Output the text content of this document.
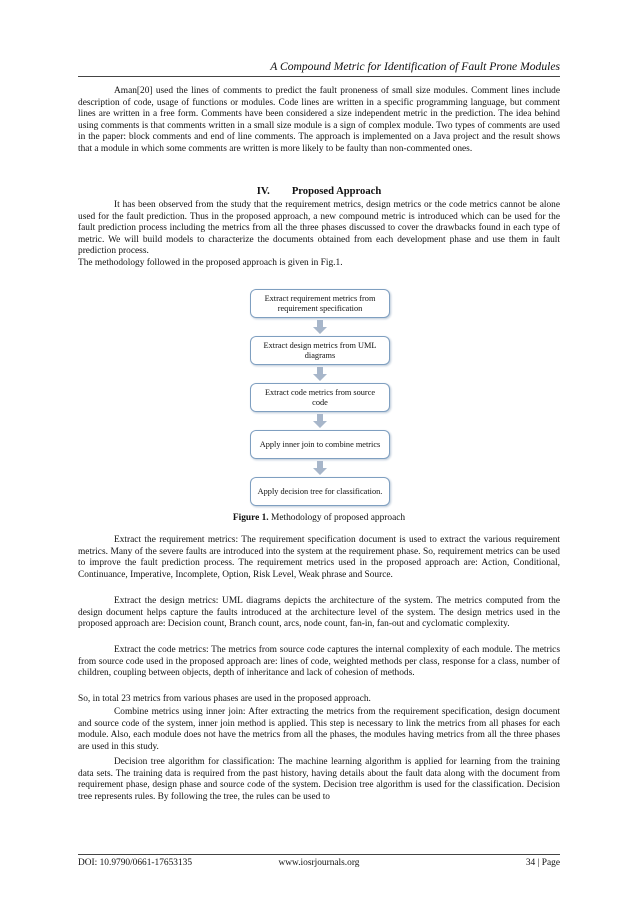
A Compound Metric for Identification of Fault Prone Modules

Aman[20] used the lines of comments to predict the fault proneness of small size modules. Comment lines include description of code, usage of functions or modules. Code lines are written in a specific programming language, but comment lines are written in a free form. Comments have been considered a size independent metric in the prediction. The idea behind using comments is that comments written in a small size module is a sign of complex module. Two types of comments are used in the paper: block comments and end of line comments. The approach is implemented on a Java project and the result shows that a module in which some comments are written is more likely to be faulty than non-commented ones.

IV. Proposed Approach

It has been observed from the study that the requirement metrics, design metrics or the code metrics cannot be alone used for the fault prediction. Thus in the proposed approach, a new compound metric is introduced which can be used for the fault prediction process including the metrics from all the three phases discussed to cover the drawbacks found in each type of metric. We will build models to characterize the documents obtained from each development phase and use them in fault prediction process.

The methodology followed in the proposed approach is given in Fig.1.

Extract requirement metrics from requirement specification
Extract design metrics from UML diagrams
Extract code metrics from source code
Apply inner join to combine metrics
Apply decision tree for classification.
Figure 1. Methodology of proposed approach

Extract the requirement metrics: The requirement specification document is used to extract the various requirement metrics. Many of the severe faults are introduced into the system at the requirement phase. So, requirement metrics can be used to improve the fault prediction process. The requirement metrics used in the proposed approach are: Action, Conditional, Continuance, Imperative, Incomplete, Option, Risk Level, Weak phrase and Source.

Extract the design metrics: UML diagrams depicts the architecture of the system. The metrics computed from the design document helps capture the faults introduced at the architecture level of the system. The design metrics used in the proposed approach are: Decision count, Branch count, arcs, node count, fan-in, fan-out and cyclomatic complexity.

Extract the code metrics: The metrics from source code captures the internal complexity of each module. The metrics from source code used in the proposed approach are: lines of code, weighted methods per class, response for a class, number of children, coupling between objects, depth of inheritance and lack of cohesion of methods.

So, in total 23 metrics from various phases are used in the proposed approach.

Combine metrics using inner join: After extracting the metrics from the requirement specification, design document and source code of the system, inner join method is applied. This step is necessary to link the metrics from all phases for each module. Also, each module does not have the metrics from all the phases, the modules having metrics from all the three phases are used in this study.

Decision tree algorithm for classification: The machine learning algorithm is applied for learning from the training data sets. The training data is required from the past history, having details about the fault data along with the document from requirement phase, design phase and source code of the system. Decision tree algorithm is used for the classification. Decision tree represents rules. By following the tree, the rules can be used to

DOI: 10.9790/0661-17653135	www.iosrjournals.org	34 | Page
